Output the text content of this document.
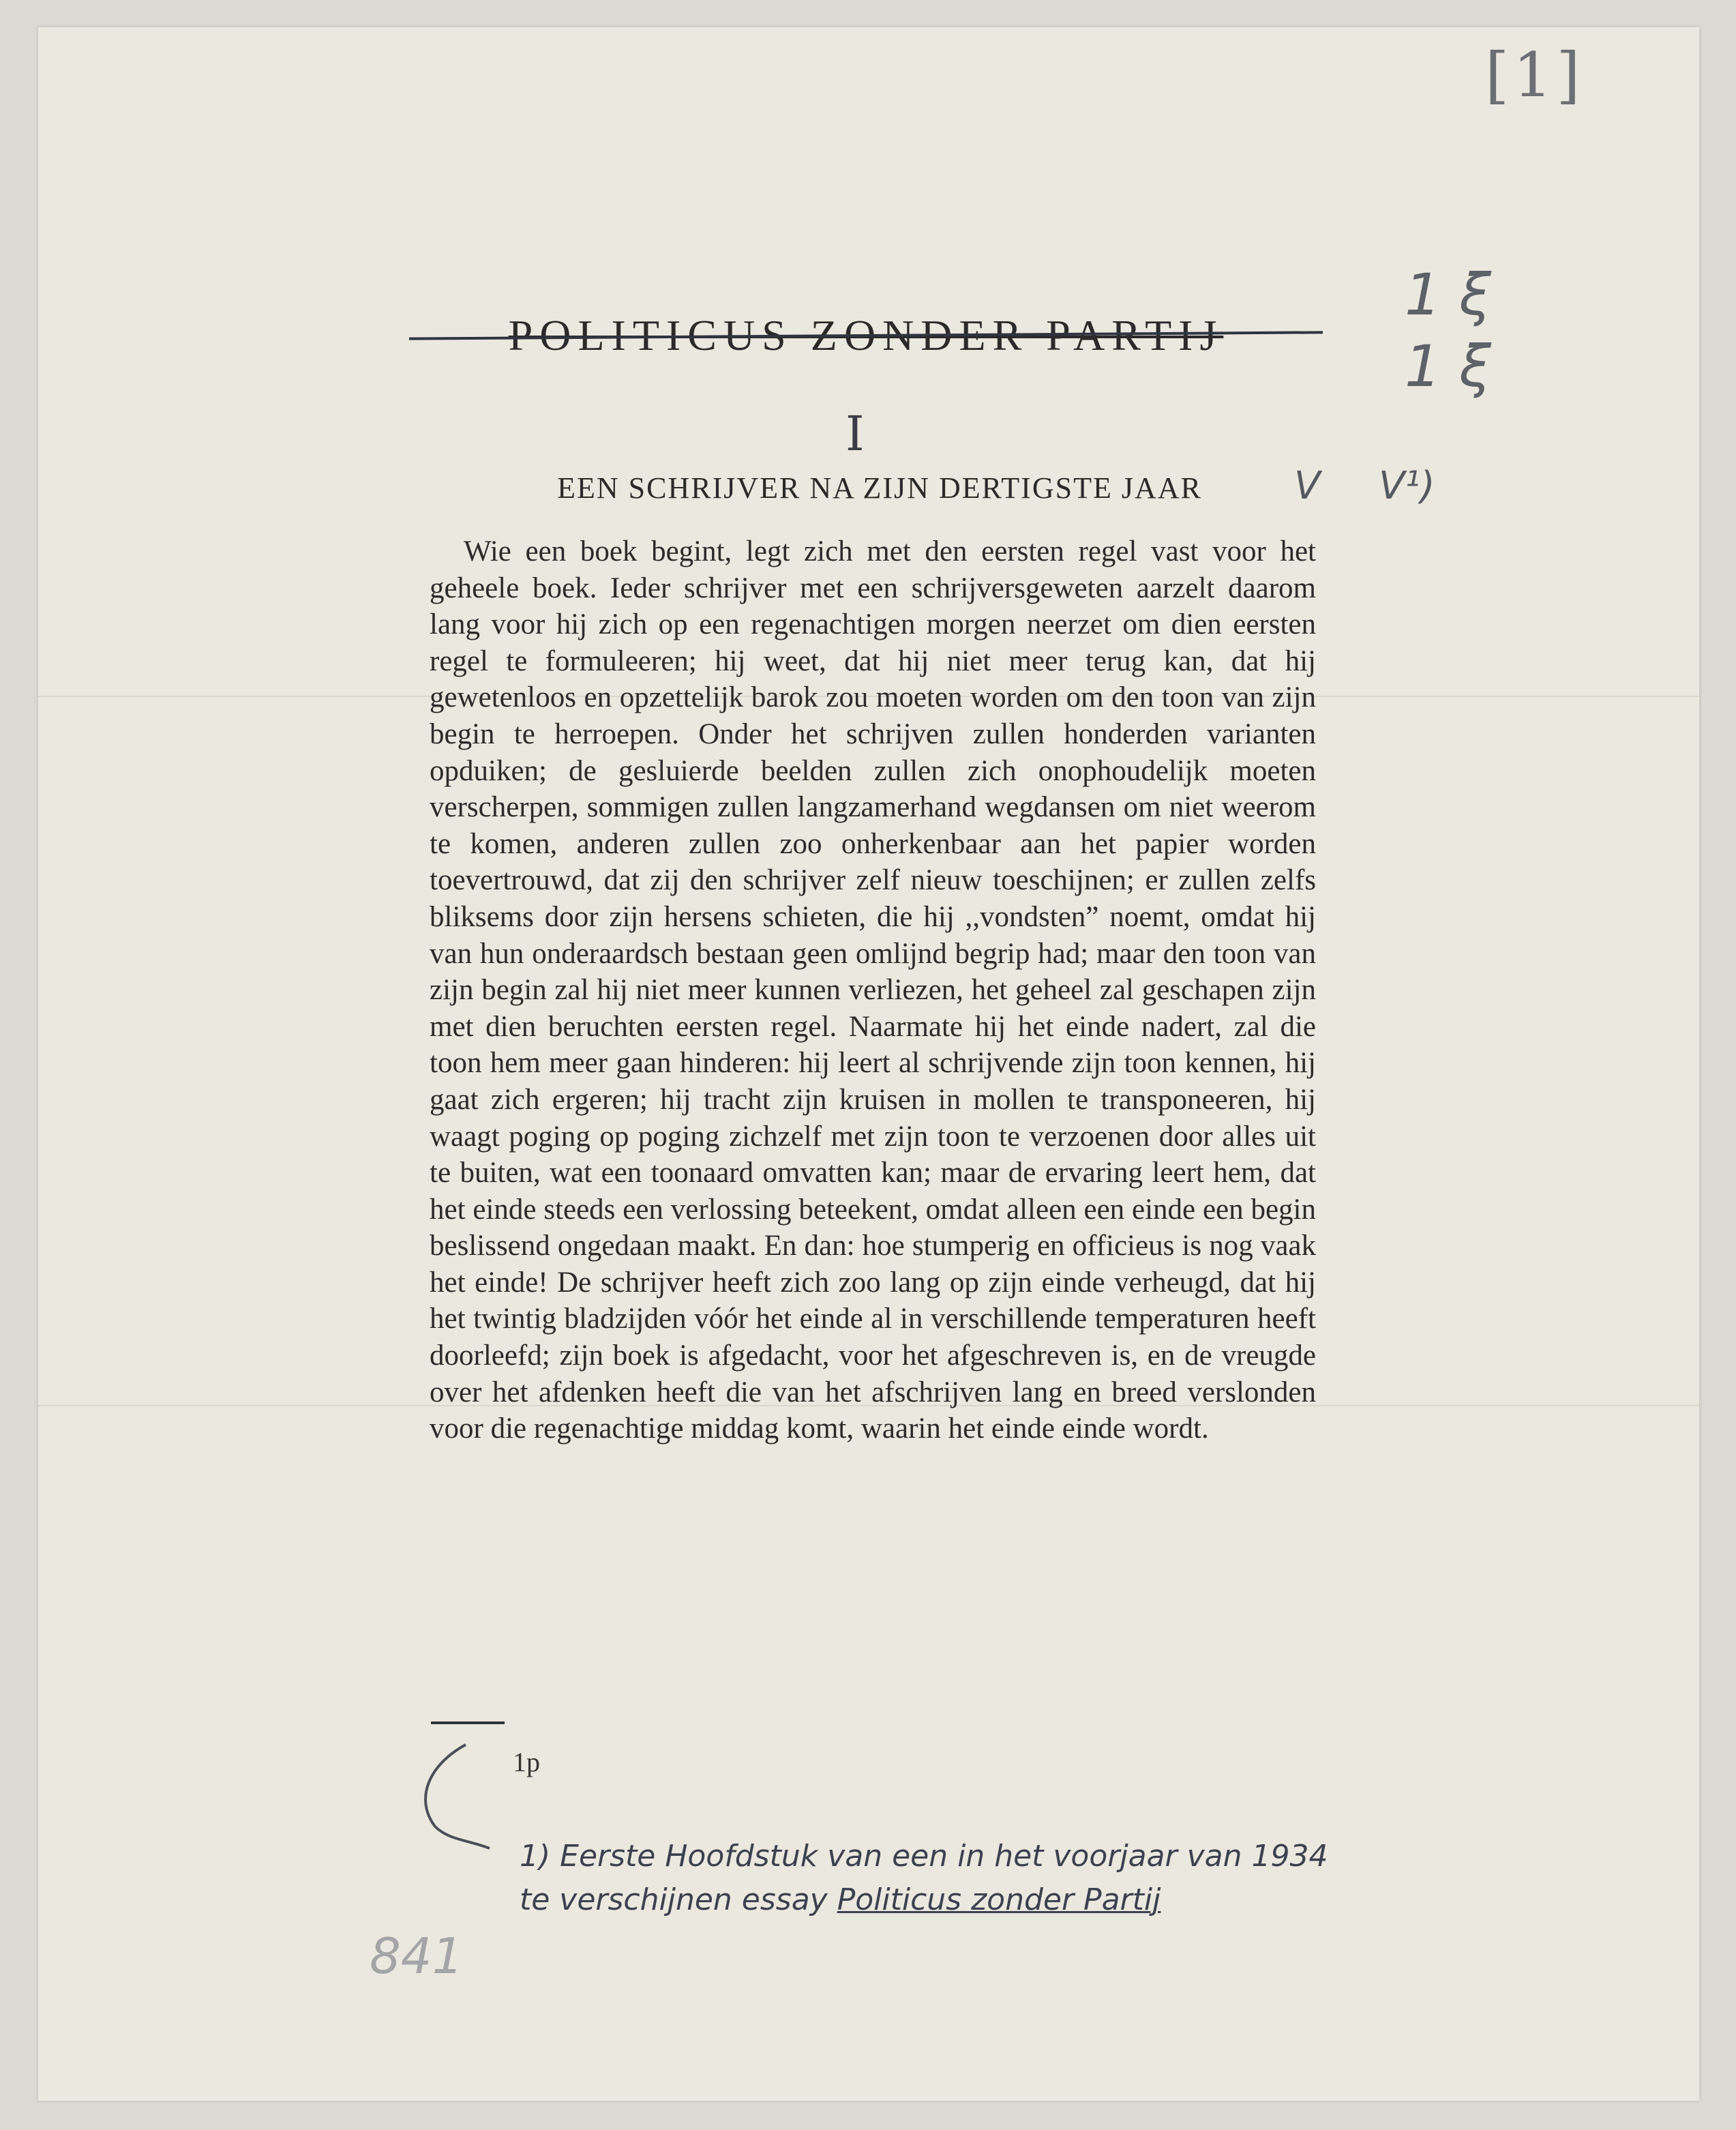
[1]
POLITICUS ZONDER PARTIJ
I
EEN SCHRIJVER NA ZIJN DERTIGSTE JAAR	V V¹)
1 ξ
1 ξ

Wie een boek begint, legt zich met den eersten regel vast voor het geheele boek. Ieder schrijver met een schrijversgeweten aarzelt daarom lang voor hij zich op een regenachtigen morgen neerzet om dien eersten regel te formuleeren; hij weet, dat hij niet meer terug kan, dat hij gewetenloos en opzettelijk barok zou moeten worden om den toon van zijn begin te herroepen. Onder het schrijven zullen honderden varianten opduiken; de gesluierde beelden zullen zich onophoudelijk moeten verscherpen, sommigen zullen langzamerhand wegdansen om niet weerom te komen, anderen zullen zoo onherkenbaar aan het papier worden toevertrouwd, dat zij den schrijver zelf nieuw toeschijnen; er zullen zelfs bliksems door zijn hersens schieten, die hij ,,vondsten” noemt, omdat hij van hun onderaardsch bestaan geen omlijnd begrip had; maar den toon van zijn begin zal hij niet meer kunnen verliezen, het geheel zal geschapen zijn met dien beruchten eersten regel. Naarmate hij het einde nadert, zal die toon hem meer gaan hinderen: hij leert al schrijvende zijn toon kennen, hij gaat zich ergeren; hij tracht zijn kruisen in mollen te transponeeren, hij waagt poging op poging zichzelf met zijn toon te verzoenen door alles uit te buiten, wat een toonaard omvatten kan; maar de ervaring leert hem, dat het einde steeds een verlossing beteekent, omdat alleen een einde een begin beslissend ongedaan maakt. En dan: hoe stumperig en officieus is nog vaak het einde! De schrijver heeft zich zoo lang op zijn einde verheugd, dat hij het twintig bladzijden vóór het einde al in verschillende temperaturen heeft doorleefd; zijn boek is afgedacht, voor het afgeschreven is, en de vreugde over het afdenken heeft die van het afschrijven lang en breed verslonden voor die regenachtige middag komt, waarin het einde einde wordt.

1p
1) Eerste Hoofdstuk van een in het voorjaar van 1934
te verschijnen essay Politicus zonder Partij
841
